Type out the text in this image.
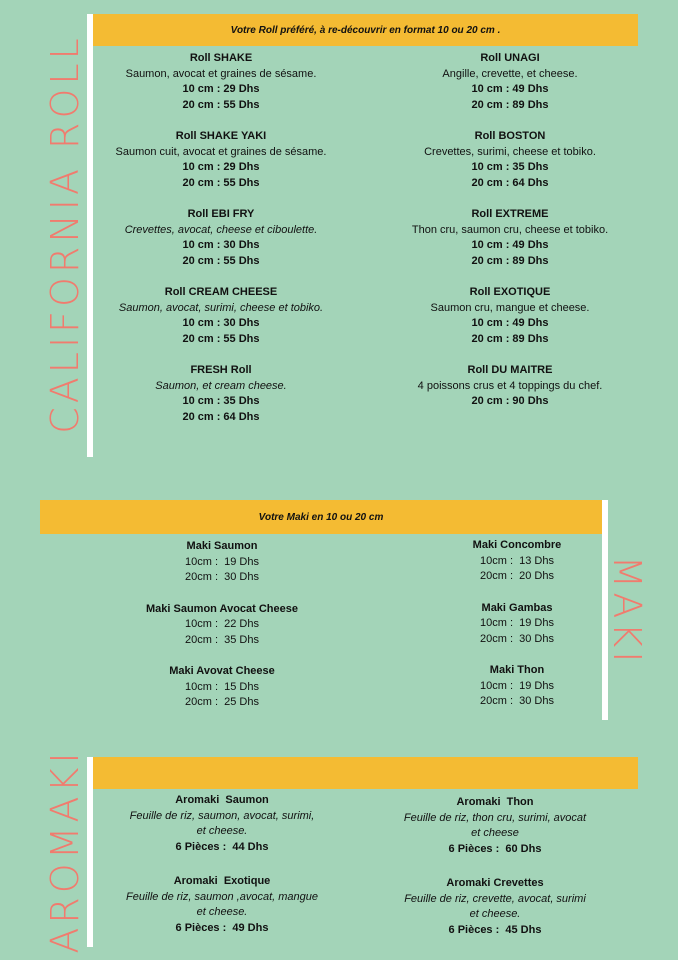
Votre Roll préféré, à re-découvrir en format 10 ou 20 cm .
CALIFORNIA ROLL	Roll SHAKE
Saumon, avocat et graines de sésame.
10 cm : 29 Dhs
20 cm : 55 Dhs
Roll SHAKE YAKI
Saumon cuit, avocat et graines de sésame.
10 cm : 29 Dhs
20 cm : 55 Dhs
Roll EBI FRY
Crevettes, avocat, cheese et ciboulette.
10 cm : 30 Dhs
20 cm : 55 Dhs
Roll CREAM CHEESE
Saumon, avocat, surimi, cheese et tobiko.
10 cm : 30 Dhs
20 cm : 55 Dhs
FRESH Roll
Saumon, et cream cheese.
10 cm : 35 Dhs
20 cm : 64 Dhs
Roll UNAGI
Angille, crevette, et cheese.
10 cm : 49 Dhs
20 cm : 89 Dhs
Roll BOSTON
Crevettes, surimi, cheese et tobiko.
10 cm : 35 Dhs
20 cm : 64 Dhs
Roll EXTREME
Thon cru, saumon cru, cheese et tobiko.
10 cm : 49 Dhs
20 cm : 89 Dhs
Roll EXOTIQUE
Saumon cru, mangue et cheese.
10 cm : 49 Dhs
20 cm : 89 Dhs
Roll DU MAITRE
4 poissons crus et 4 toppings du chef.
20 cm : 90 Dhs
Votre Maki en 10 ou 20 cm
MAKI
Maki Saumon
10cm :  19 Dhs
20cm :  30 Dhs
Maki Saumon Avocat Cheese
10cm :  22 Dhs
20cm :  35 Dhs
Maki Avovat Cheese
10cm :  15 Dhs
20cm :  25 Dhs
Maki Concombre
10cm :  13 Dhs
20cm :  20 Dhs
Maki Gambas
10cm :  19 Dhs
20cm :  30 Dhs
Maki Thon
10cm :  19 Dhs
20cm :  30 Dhs
AROMAKI	Aromaki  Saumon
Feuille de riz, saumon, avocat, surimi,
et cheese.
6 Pièces :  44 Dhs
Aromaki  Exotique
Feuille de riz, saumon ,avocat, mangue
et cheese.
6 Pièces :  49 Dhs
Aromaki  Thon
Feuille de riz, thon cru, surimi, avocat
et cheese
6 Pièces :  60 Dhs
Aromaki Crevettes
Feuille de riz, crevette, avocat, surimi
et cheese.
6 Pièces :  45 Dhs
